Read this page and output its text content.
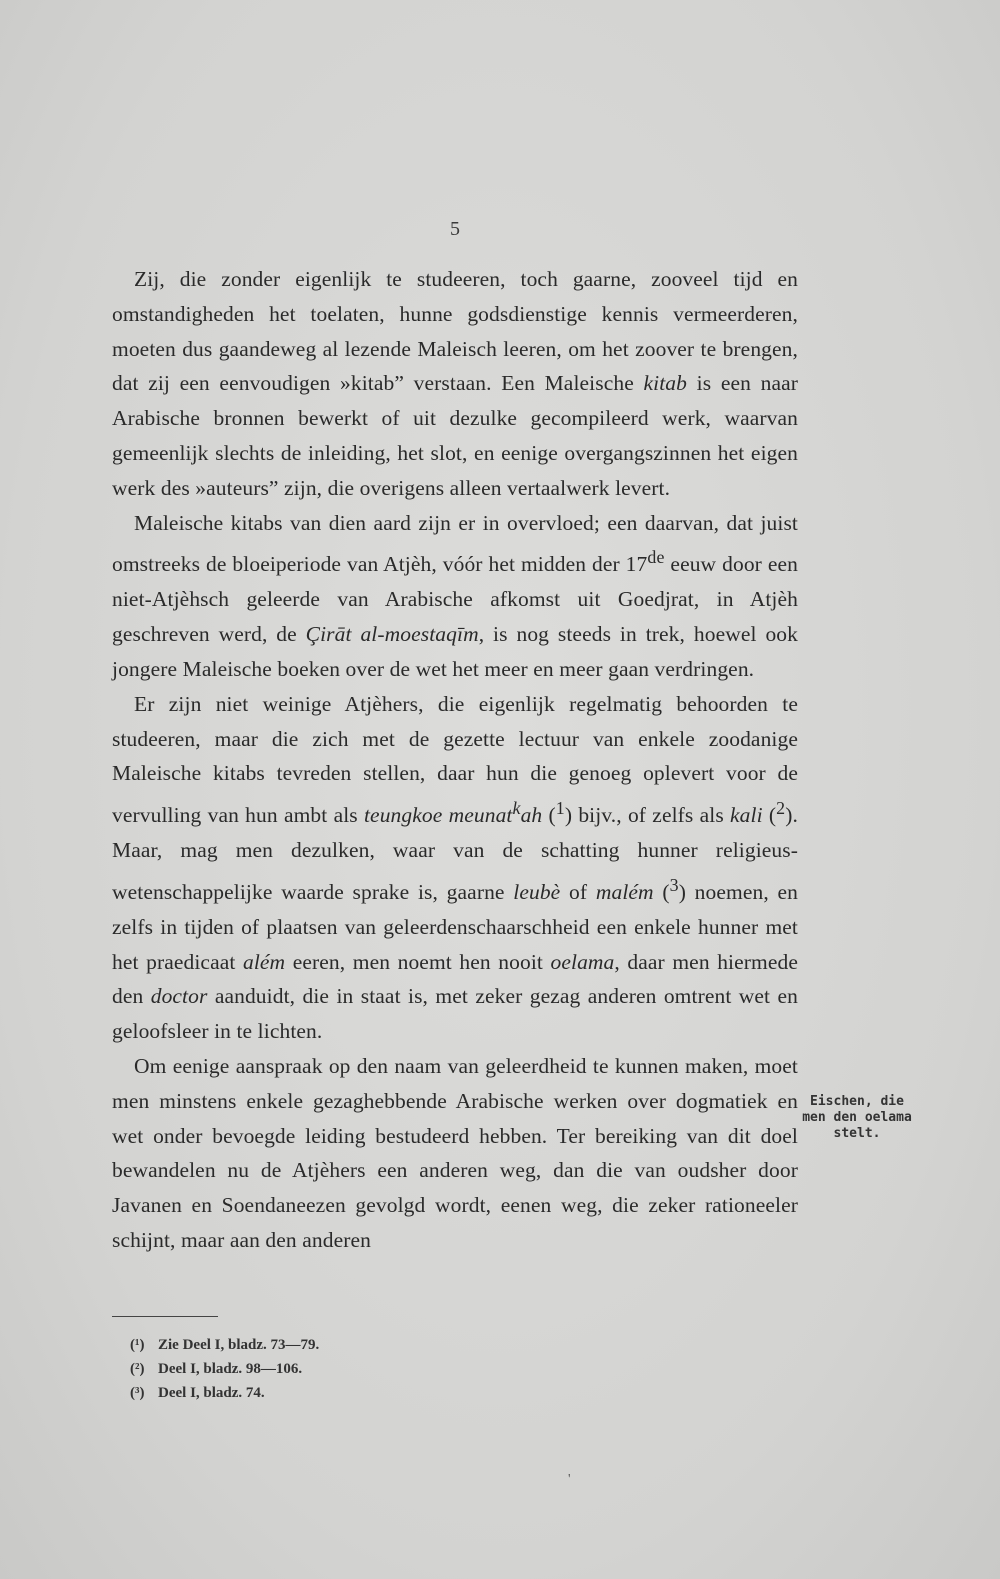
5

Zij, die zonder eigenlijk te studeeren, toch gaarne, zooveel tijd en omstandigheden het toelaten, hunne godsdienstige kennis vermeerderen, moeten dus gaandeweg al lezende Maleisch leeren, om het zoover te brengen, dat zij een eenvoudigen »kitab” verstaan. Een Maleische kitab is een naar Arabische bronnen bewerkt of uit dezulke gecompileerd werk, waarvan gemeenlijk slechts de inleiding, het slot, en eenige overgangszinnen het eigen werk des »auteurs” zijn, die overigens alleen vertaalwerk levert.

Maleische kitabs van dien aard zijn er in overvloed; een daarvan, dat juist omstreeks de bloeiperiode van Atjèh, vóór het midden der 17de eeuw door een niet-Atjèhsch geleerde van Arabische afkomst uit Goedjrat, in Atjèh geschreven werd, de Çirāt al-moestaqīm, is nog steeds in trek, hoewel ook jongere Maleische boeken over de wet het meer en meer gaan verdringen.

Er zijn niet weinige Atjèhers, die eigenlijk regelmatig behoorden te studeeren, maar die zich met de gezette lectuur van enkele zoodanige Maleische kitabs tevreden stellen, daar hun die genoeg oplevert voor de vervulling van hun ambt als teungkoe meunat$^k$ah ($^1$) bijv., of zelfs als kali ($^2$). Maar, mag men dezulken, waar van de schatting hunner religieus-wetenschappelijke waarde sprake is, gaarne leubè of malém ($^3$) noemen, en zelfs in tijden of plaatsen van geleerdenschaarschheid een enkele hunner met het praedicaat além eeren, men noemt hen nooit oelama, daar men hiermede den doctor aanduidt, die in staat is, met zeker gezag anderen omtrent wet en geloofsleer in te lichten.

Om eenige aanspraak op den naam van geleerdheid te kunnen maken, moet men minstens enkele gezaghebbende Arabische werken over dogmatiek en wet onder bevoegde leiding bestudeerd hebben. Ter bereiking van dit doel bewandelen nu de Atjèhers een anderen weg, dan die van oudsher door Javanen en Soendaneezen gevolgd wordt, eenen weg, die zeker rationeeler schijnt, maar aan den anderen

Eischen, die men den oelama stelt.

(¹) Zie Deel I, bladz. 73—79.

(²) Deel I, bladz. 98—106.

(³) Deel I, bladz. 74.

'
